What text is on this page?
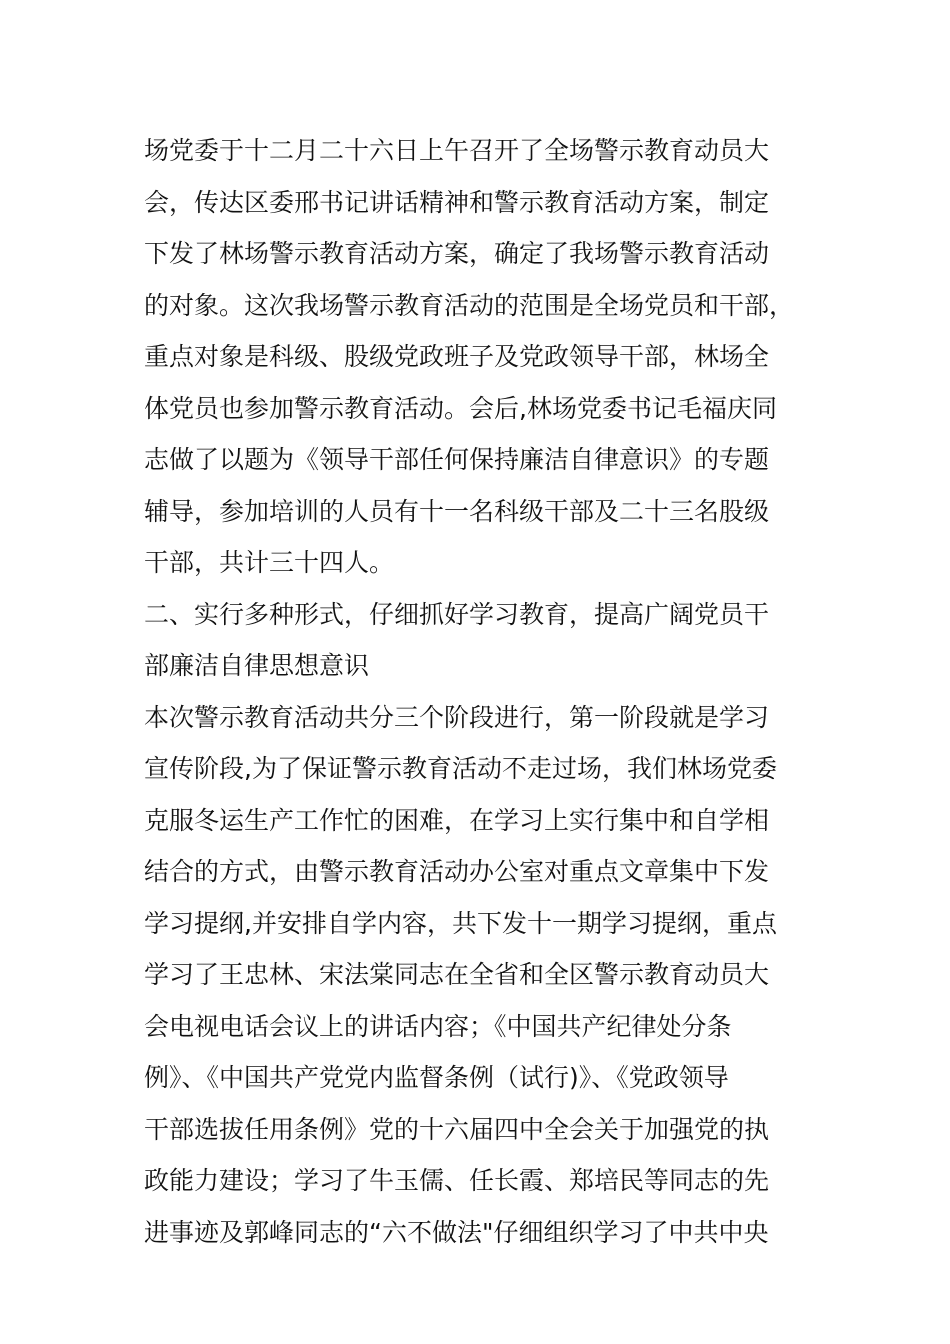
场党委于十二月二十六日上午召开了全场警示教育动员大
会，传达区委邢书记讲话精神和警示教育活动方案，制定
下发了林场警示教育活动方案，确定了我场警示教育活动
的对象。这次我场警示教育活动的范围是全场党员和干部，
重点对象是科级、股级党政班子及党政领导干部，林场全
体党员也参加警示教育活动。会后,林场党委书记毛福庆同
志做了以题为《领导干部任何保持廉洁自律意识》的专题
辅导，参加培训的人员有十一名科级干部及二十三名股级
干部，共计三十四人。
二、实行多种形式，仔细抓好学习教育，提高广阔党员干
部廉洁自律思想意识
本次警示教育活动共分三个阶段进行，第一阶段就是学习
宣传阶段,为了保证警示教育活动不走过场，我们林场党委
克服冬运生产工作忙的困难，在学习上实行集中和自学相
结合的方式，由警示教育活动办公室对重点文章集中下发
学习提纲,并安排自学内容，共下发十一期学习提纲，重点
学习了王忠林、宋法棠同志在全省和全区警示教育动员大
会电视电话会议上的讲话内容；《中国共产纪律处分条
例》、《中国共产党党内监督条例（试行)》、《党政领导
干部选拔任用条例》党的十六届四中全会关于加强党的执
政能力建设；学习了牛玉儒、任长霞、郑培民等同志的先
进事迹及郭峰同志的“六不做法"仔细组织学习了中共中央
